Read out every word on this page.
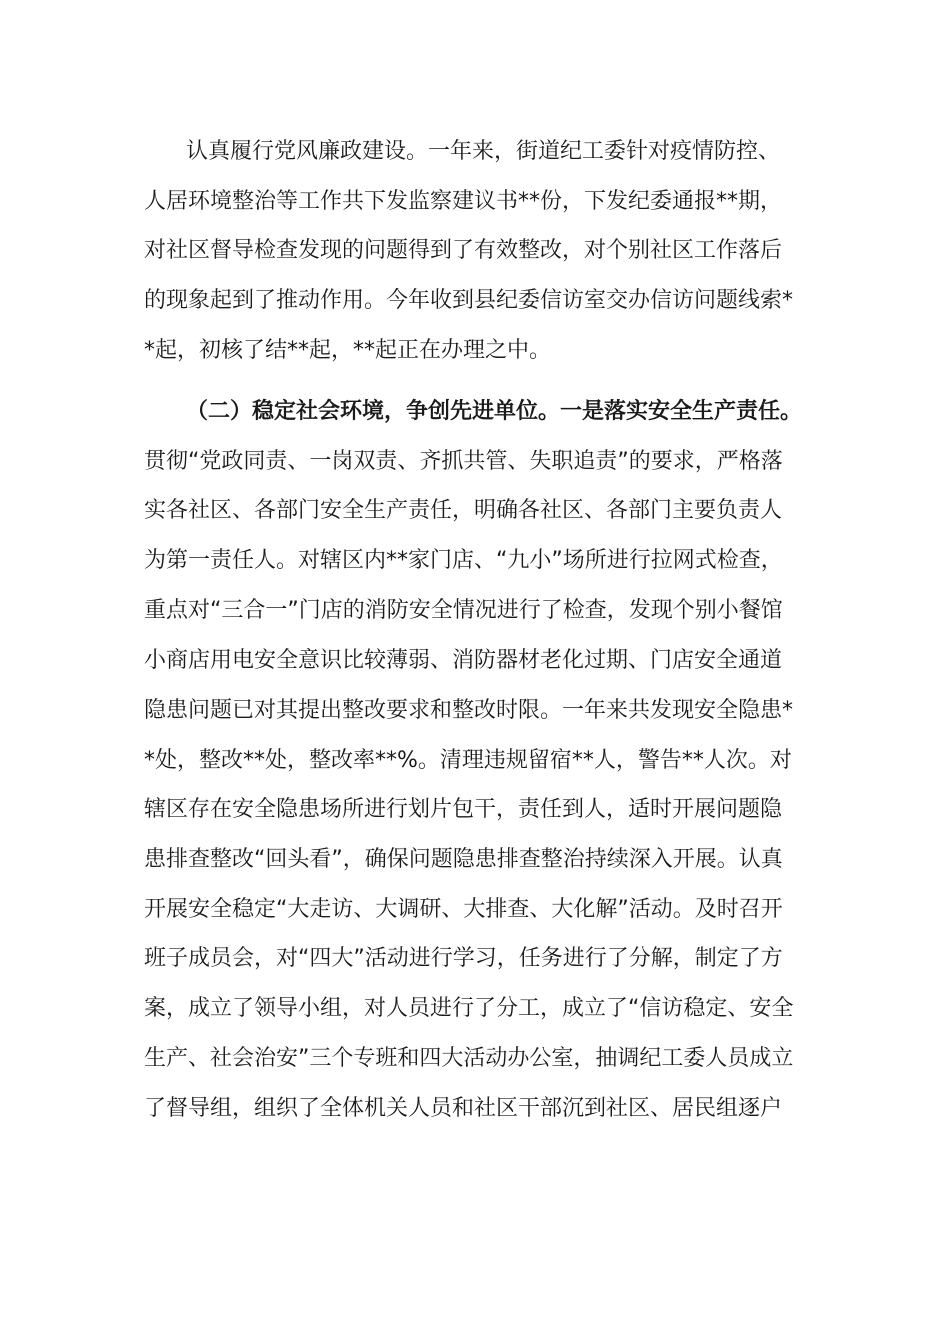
认真履行党风廉政建设。一年来，街道纪工委针对疫情防控、
人居环境整治等工作共下发监察建议书**份，下发纪委通报**期，
对社区督导检查发现的问题得到了有效整改，对个别社区工作落后
的现象起到了推动作用。今年收到县纪委信访室交办信访问题线索*
*起，初核了结**起，**起正在办理之中。
（二）稳定社会环境，争创先进单位。一是落实安全生产责任。
贯彻“党政同责、一岗双责、齐抓共管、失职追责”的要求，严格落
实各社区、各部门安全生产责任，明确各社区、各部门主要负责人
为第一责任人。对辖区内**家门店、“九小”场所进行拉网式检查，
重点对“三合一”门店的消防安全情况进行了检查，发现个别小餐馆
小商店用电安全意识比较薄弱、消防器材老化过期、门店安全通道
隐患问题已对其提出整改要求和整改时限。一年来共发现安全隐患*
*处，整改**处，整改率**%。清理违规留宿**人，警告**人次。对
辖区存在安全隐患场所进行划片包干，责任到人，适时开展问题隐
患排查整改“回头看”，确保问题隐患排查整治持续深入开展。认真
开展安全稳定“大走访、大调研、大排查、大化解”活动。及时召开
班子成员会，对“四大”活动进行学习，任务进行了分解，制定了方
案，成立了领导小组，对人员进行了分工，成立了“信访稳定、安全
生产、社会治安”三个专班和四大活动办公室，抽调纪工委人员成立
了督导组，组织了全体机关人员和社区干部沉到社区、居民组逐户
